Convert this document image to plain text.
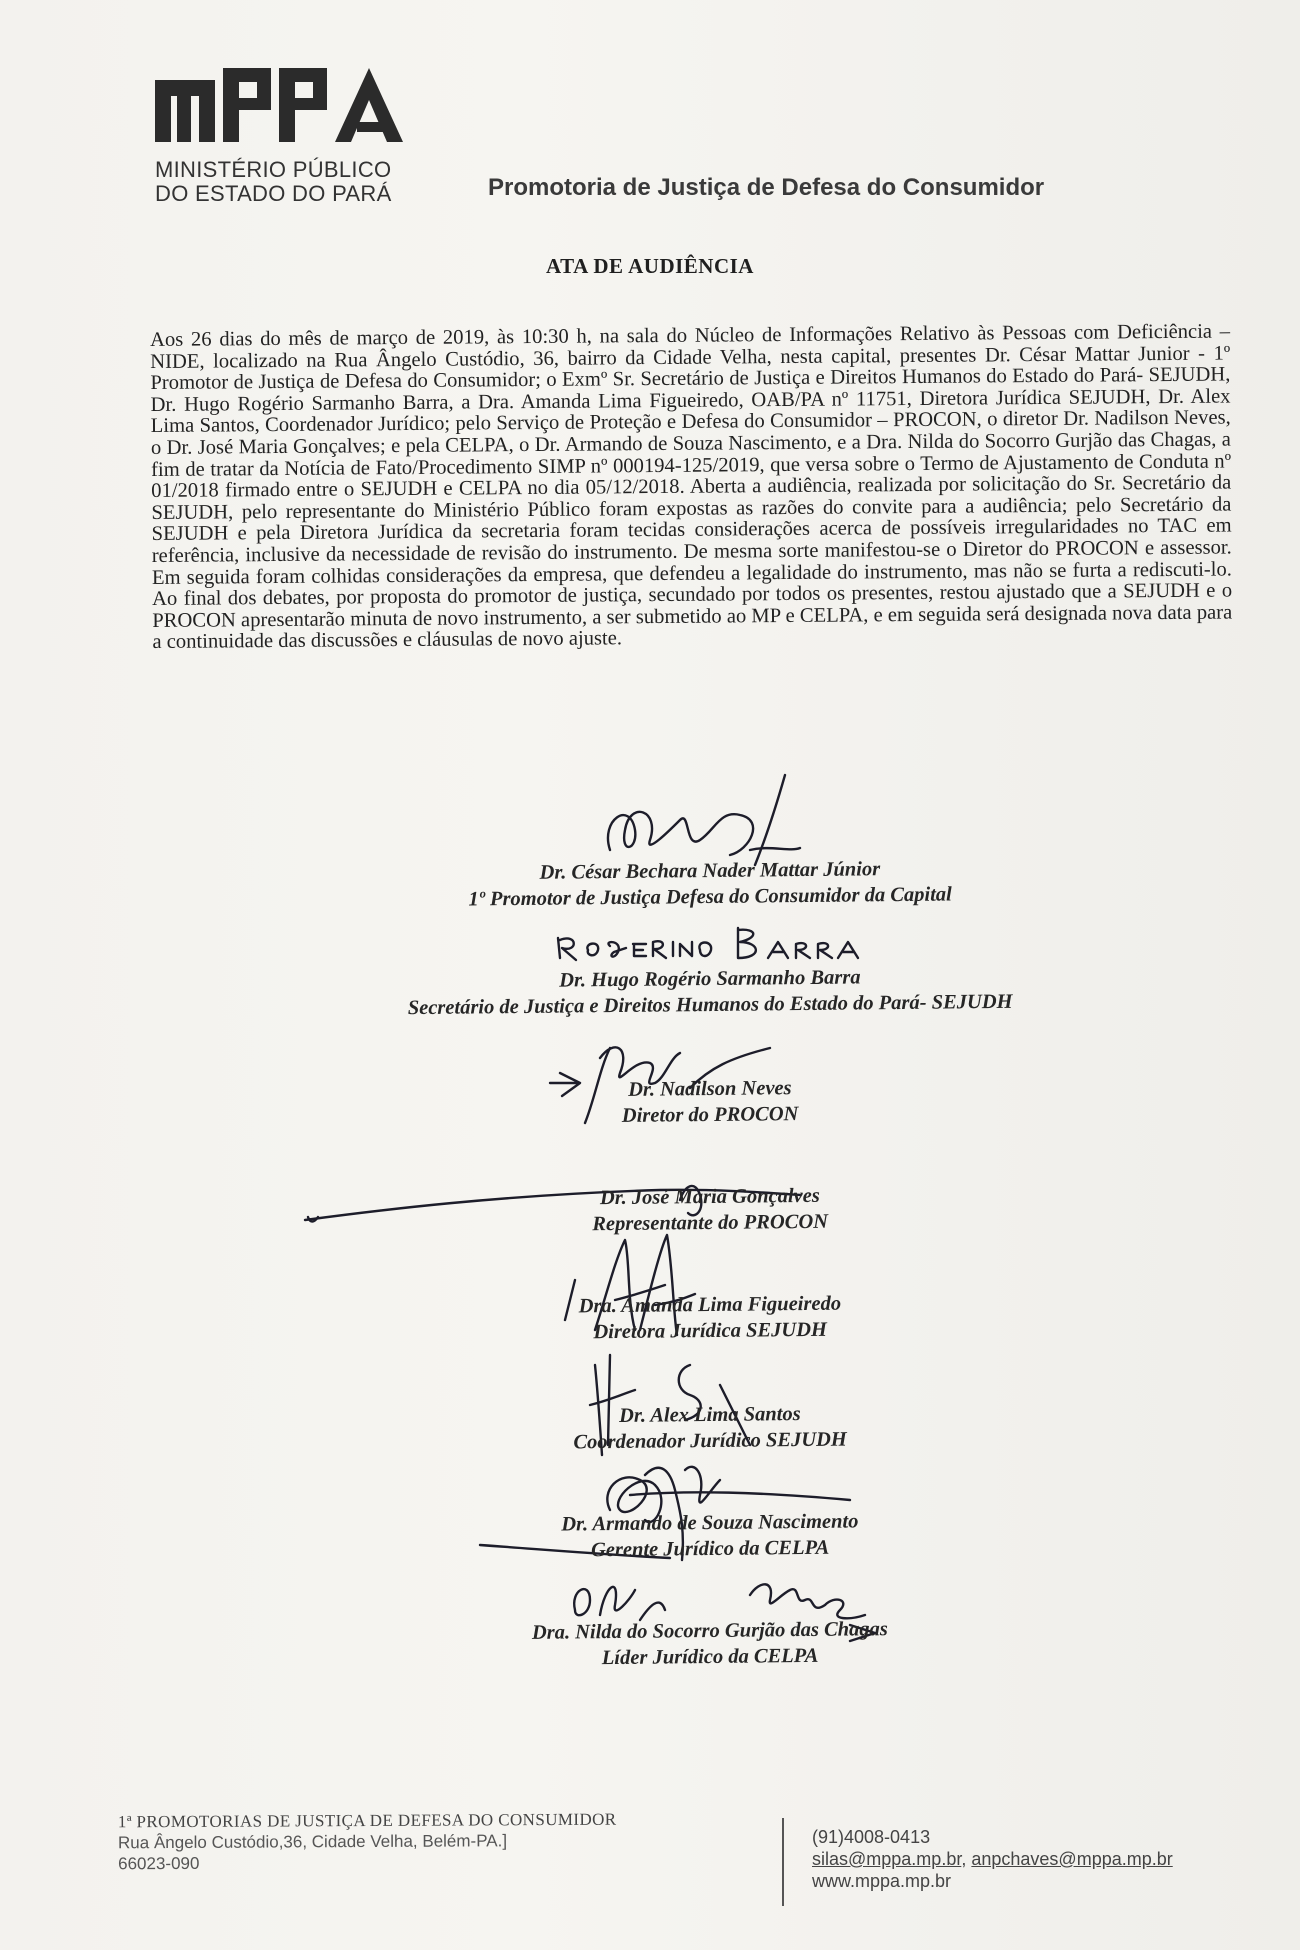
MINISTÉRIO PÚBLICO
DO ESTADO DO PARÁ	Promotoria de Justiça de Defesa do Consumidor
ATA DE AUDIÊNCIA
Aos 26 dias do mês de março de 2019, às 10:30 h, na sala do Núcleo de Informações Relativo às Pessoas com Deficiência – NIDE, localizado na Rua Ângelo Custódio, 36, bairro da Cidade Velha, nesta capital, presentes Dr. César Mattar Junior - 1º Promotor de Justiça de Defesa do Consumidor; o Exmº Sr. Secretário de Justiça e Direitos Humanos do Estado do Pará- SEJUDH, Dr. Hugo Rogério Sarmanho Barra, a Dra. Amanda Lima Figueiredo, OAB/PA nº 11751, Diretora Jurídica SEJUDH, Dr. Alex Lima Santos, Coordenador Jurídico; pelo Serviço de Proteção e Defesa do Consumidor – PROCON, o diretor Dr. Nadilson Neves, o Dr. José Maria Gonçalves; e pela CELPA, o Dr. Armando de Souza Nascimento, e a Dra. Nilda do Socorro Gurjão das Chagas, a fim de tratar da Notícia de Fato/Procedimento SIMP nº 000194-125/2019, que versa sobre o Termo de Ajustamento de Conduta nº 01/2018 firmado entre o SEJUDH e CELPA no dia 05/12/2018. Aberta a audiência, realizada por solicitação do Sr. Secretário da SEJUDH, pelo representante do Ministério Público foram expostas as razões do convite para a audiência; pelo Secretário da SEJUDH e pela Diretora Jurídica da secretaria foram tecidas considerações acerca de possíveis irregularidades no TAC em referência, inclusive da necessidade de revisão do instrumento. De mesma sorte manifestou-se o Diretor do PROCON e assessor. Em seguida foram colhidas considerações da empresa, que defendeu a legalidade do instrumento, mas não se furta a rediscuti-lo. Ao final dos debates, por proposta do promotor de justiça, secundado por todos os presentes, restou ajustado que a SEJUDH e o PROCON apresentarão minuta de novo instrumento, a ser submetido ao MP e CELPA, e em seguida será designada nova data para a continuidade das discussões e cláusulas de novo ajuste.
Dr. César Bechara Nader Mattar Júnior
1º Promotor de Justiça Defesa do Consumidor da Capital
Dr. Hugo Rogério Sarmanho Barra
Secretário de Justiça e Direitos Humanos do Estado do Pará- SEJUDH
Dr. Nadilson Neves
Diretor do PROCON
Dr. José Maria Gonçalves
Representante do PROCON
Dra. Amanda Lima Figueiredo
Diretora Jurídica SEJUDH
Dr. Alex Lima Santos
Coordenador Jurídico SEJUDH
Dr. Armando de Souza Nascimento
Gerente Jurídico da CELPA
Dra. Nilda do Socorro Gurjão das Chagas
Líder Jurídico da CELPA
1ª PROMOTORIAS DE JUSTIÇA DE DEFESA DO CONSUMIDOR
Rua Ângelo Custódio,36, Cidade Velha, Belém-PA.]
66023-090
(91)4008-0413
silas@mppa.mp.br, anpchaves@mppa.mp.br
www.mppa.mp.br
